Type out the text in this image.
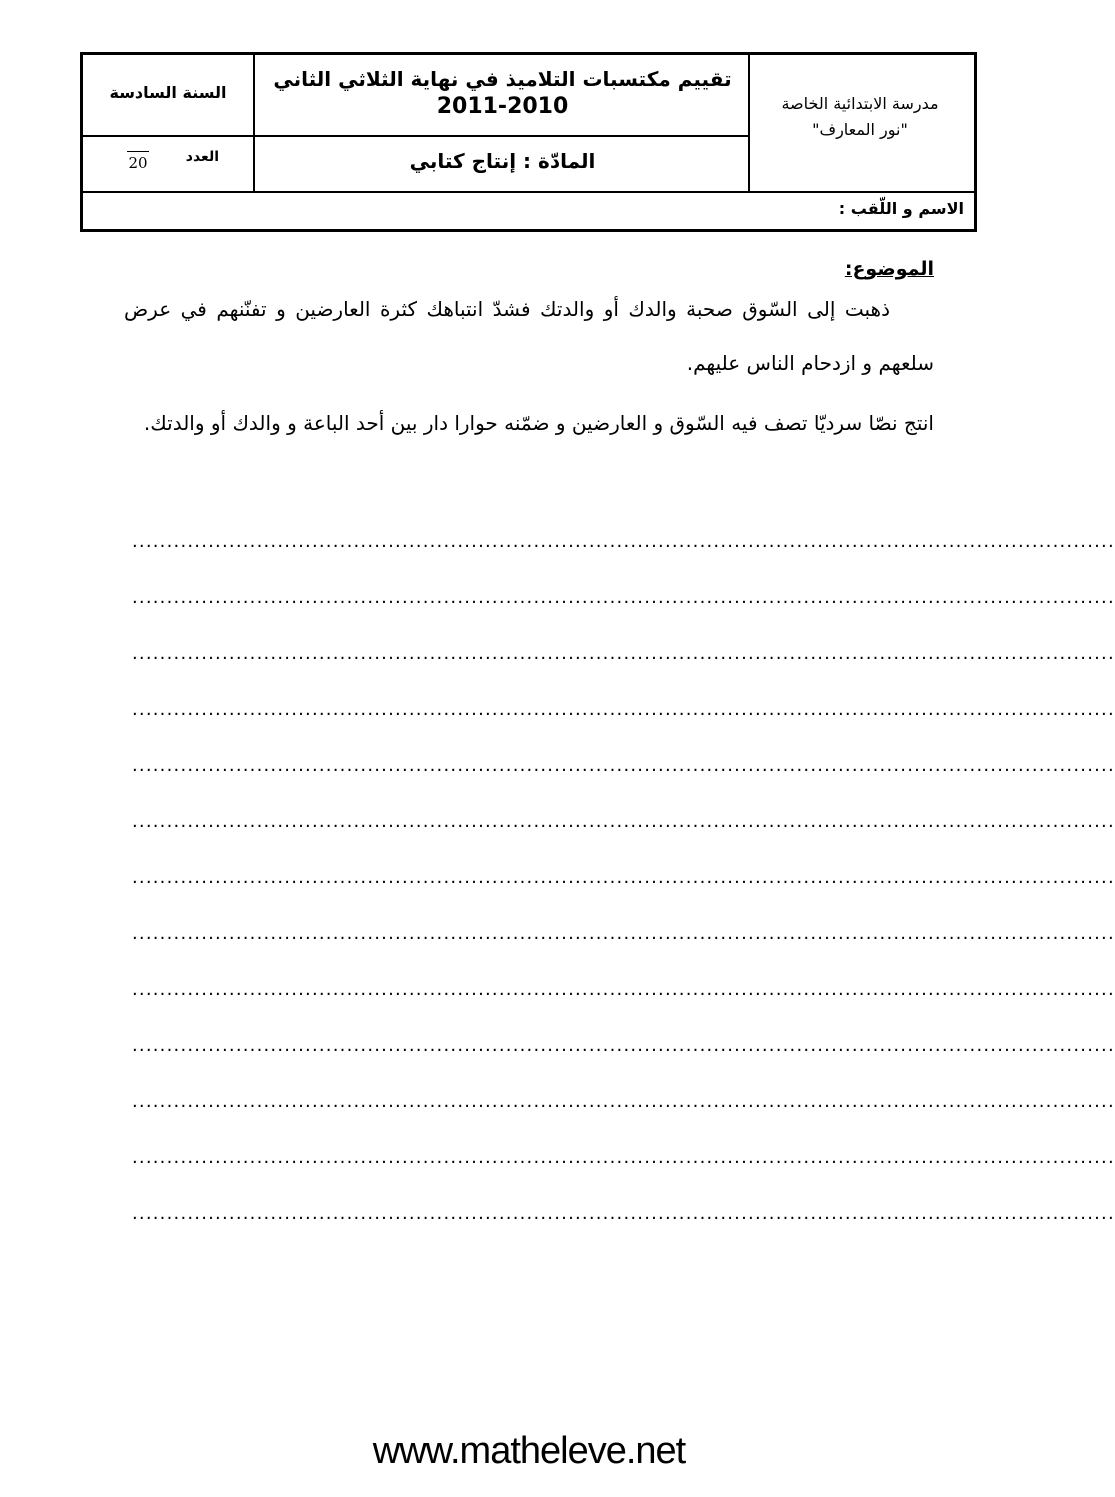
مدرسة الابتدائية الخاصة
"نور المعارف"
تقييم مكتسبات التلاميذ في نهاية الثلاثي الثاني
2011-2010
السنة السادسة
المادّة : إنتاج كتابي
العدد
20
الاسم و اللّقب :
الموضوع:
ذهبت إلى السّوق صحبة والدك أو والدتك فشدّ انتباهك كثرة العارضين و تفنّنهم في عرض سلعهم و ازدحام الناس عليهم.
انتج نصّا سرديّا تصف فيه السّوق و العارضين و ضمّنه حوارا دار بين أحد الباعة و والدك أو والدتك.
..............................................................................................................................................
..............................................................................................................................................
..............................................................................................................................................
..............................................................................................................................................
..............................................................................................................................................
..............................................................................................................................................
..............................................................................................................................................
..............................................................................................................................................
..............................................................................................................................................
..............................................................................................................................................
..............................................................................................................................................
..............................................................................................................................................
..............................................................................................................................................
www.matheleve.net
